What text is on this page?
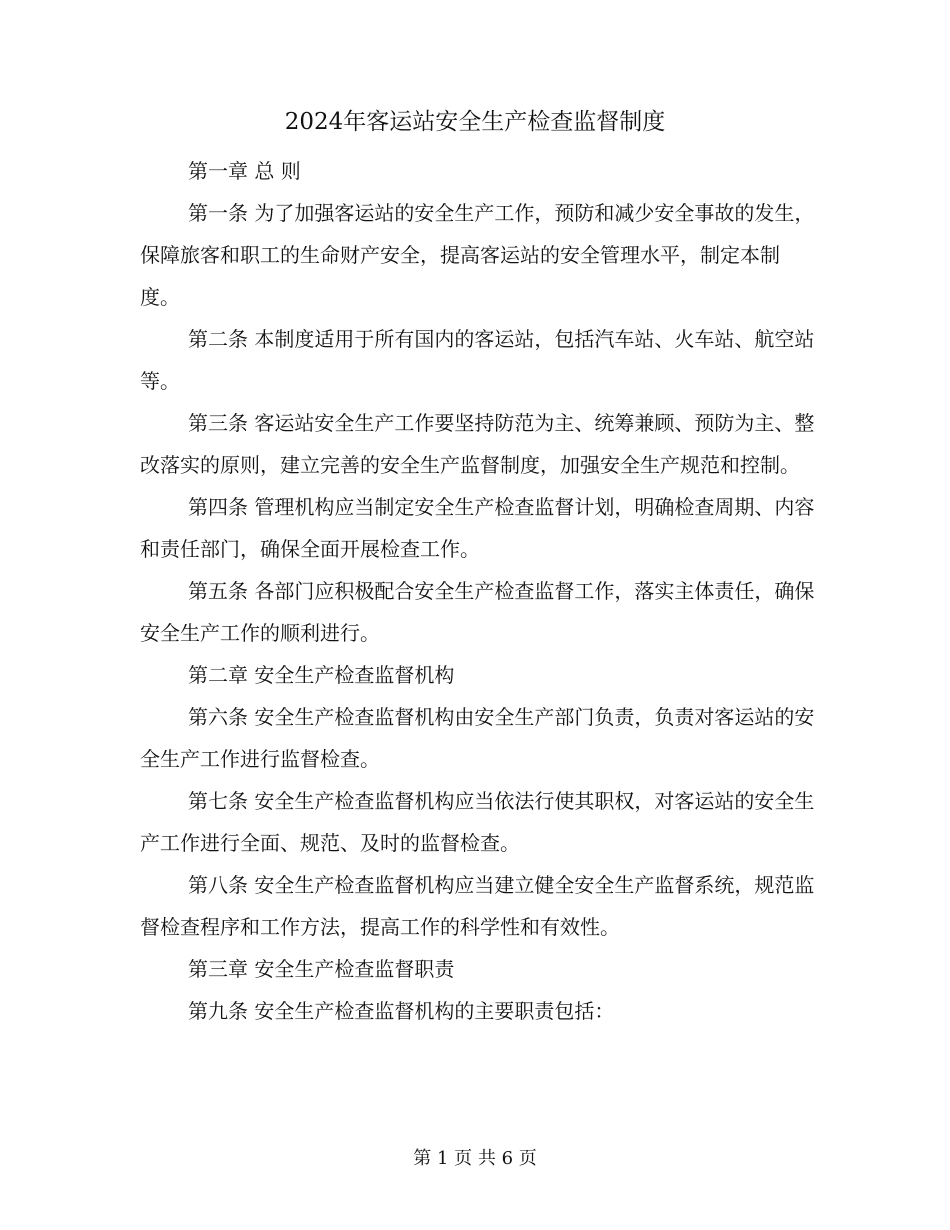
2024年客运站安全生产检查监督制度

第一章 总 则

第一条 为了加强客运站的安全生产工作，预防和减少安全事故的发生，保障旅客和职工的生命财产安全，提高客运站的安全管理水平，制定本制度。

第二条 本制度适用于所有国内的客运站，包括汽车站、火车站、航空站等。

第三条 客运站安全生产工作要坚持防范为主、统筹兼顾、预防为主、整改落实的原则，建立完善的安全生产监督制度，加强安全生产规范和控制。

第四条 管理机构应当制定安全生产检查监督计划，明确检查周期、内容和责任部门，确保全面开展检查工作。

第五条 各部门应积极配合安全生产检查监督工作，落实主体责任，确保安全生产工作的顺利进行。

第二章 安全生产检查监督机构

第六条 安全生产检查监督机构由安全生产部门负责，负责对客运站的安全生产工作进行监督检查。

第七条 安全生产检查监督机构应当依法行使其职权，对客运站的安全生产工作进行全面、规范、及时的监督检查。

第八条 安全生产检查监督机构应当建立健全安全生产监督系统，规范监督检查程序和工作方法，提高工作的科学性和有效性。

第三章 安全生产检查监督职责

第九条 安全生产检查监督机构的主要职责包括：

第 1 页 共 6 页
